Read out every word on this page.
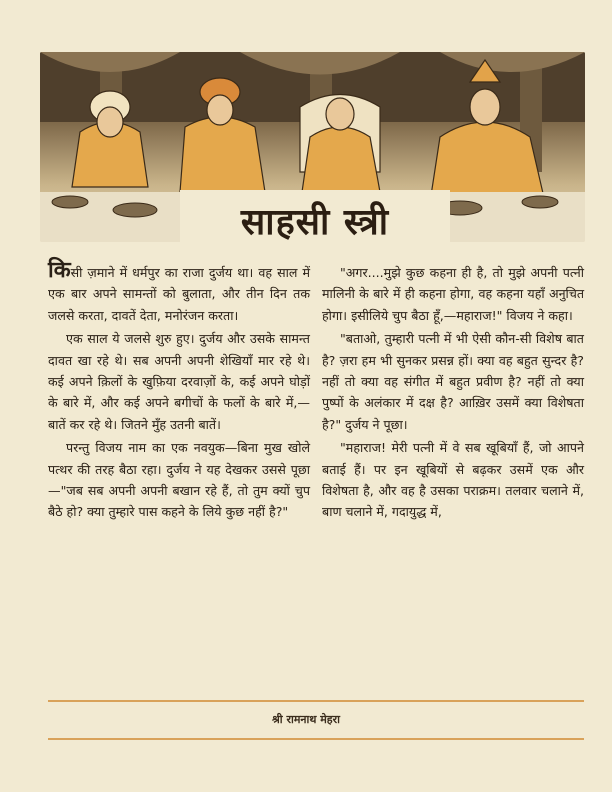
साहसी स्त्री

किसी ज़माने में धर्मपुर का राजा दुर्जय था। वह साल में एक बार अपने सामन्तों को बुलाता, और तीन दिन तक जलसे करता, दावतें देता, मनोरंजन करता।

एक साल ये जलसे शुरु हुए। दुर्जय और उसके सामन्त दावत खा रहे थे। सब अपनी अपनी शेखियाँ मार रहे थे। कई अपने क़िलों के खुफ़िया दरवाज़ों के, कई अपने घोड़ों के बारे में, और कई अपने बगीचों के फलों के बारे में,—बातें कर रहे थे। जितने मुँह उतनी बातें।

परन्तु विजय नाम का एक नवयुक—बिना मुख खोले पत्थर की तरह बैठा रहा। दुर्जय ने यह देखकर उससे पूछा—"जब सब अपनी अपनी बखान रहे हैं, तो तुम क्यों चुप बैठे हो? क्या तुम्हारे पास कहने के लिये कुछ नहीं है?"

"अगर....मुझे कुछ कहना ही है, तो मुझे अपनी पत्नी मालिनी के बारे में ही कहना होगा, वह कहना यहाँ अनुचित होगा। इसीलिये चुप बैठा हूँ,—महाराज!" विजय ने कहा।

"बताओ, तुम्हारी पत्नी में भी ऐसी कौन-सी विशेष बात है? ज़रा हम भी सुनकर प्रसन्न हों। क्या वह बहुत सुन्दर है? नहीं तो क्या वह संगीत में बहुत प्रवीण है? नहीं तो क्या पुष्पों के अलंकार में दक्ष है? आख़िर उसमें क्या विशेषता है?" दुर्जय ने पूछा।

"महाराज! मेरी पत्नी में वे सब खूबियाँ हैं, जो आपने बताई हैं। पर इन खूबियों से बढ़कर उसमें एक और विशेषता है, और वह है उसका पराक्रम। तलवार चलाने में, बाण चलाने में, गदायुद्ध में,

श्री रामनाथ मेहरा
